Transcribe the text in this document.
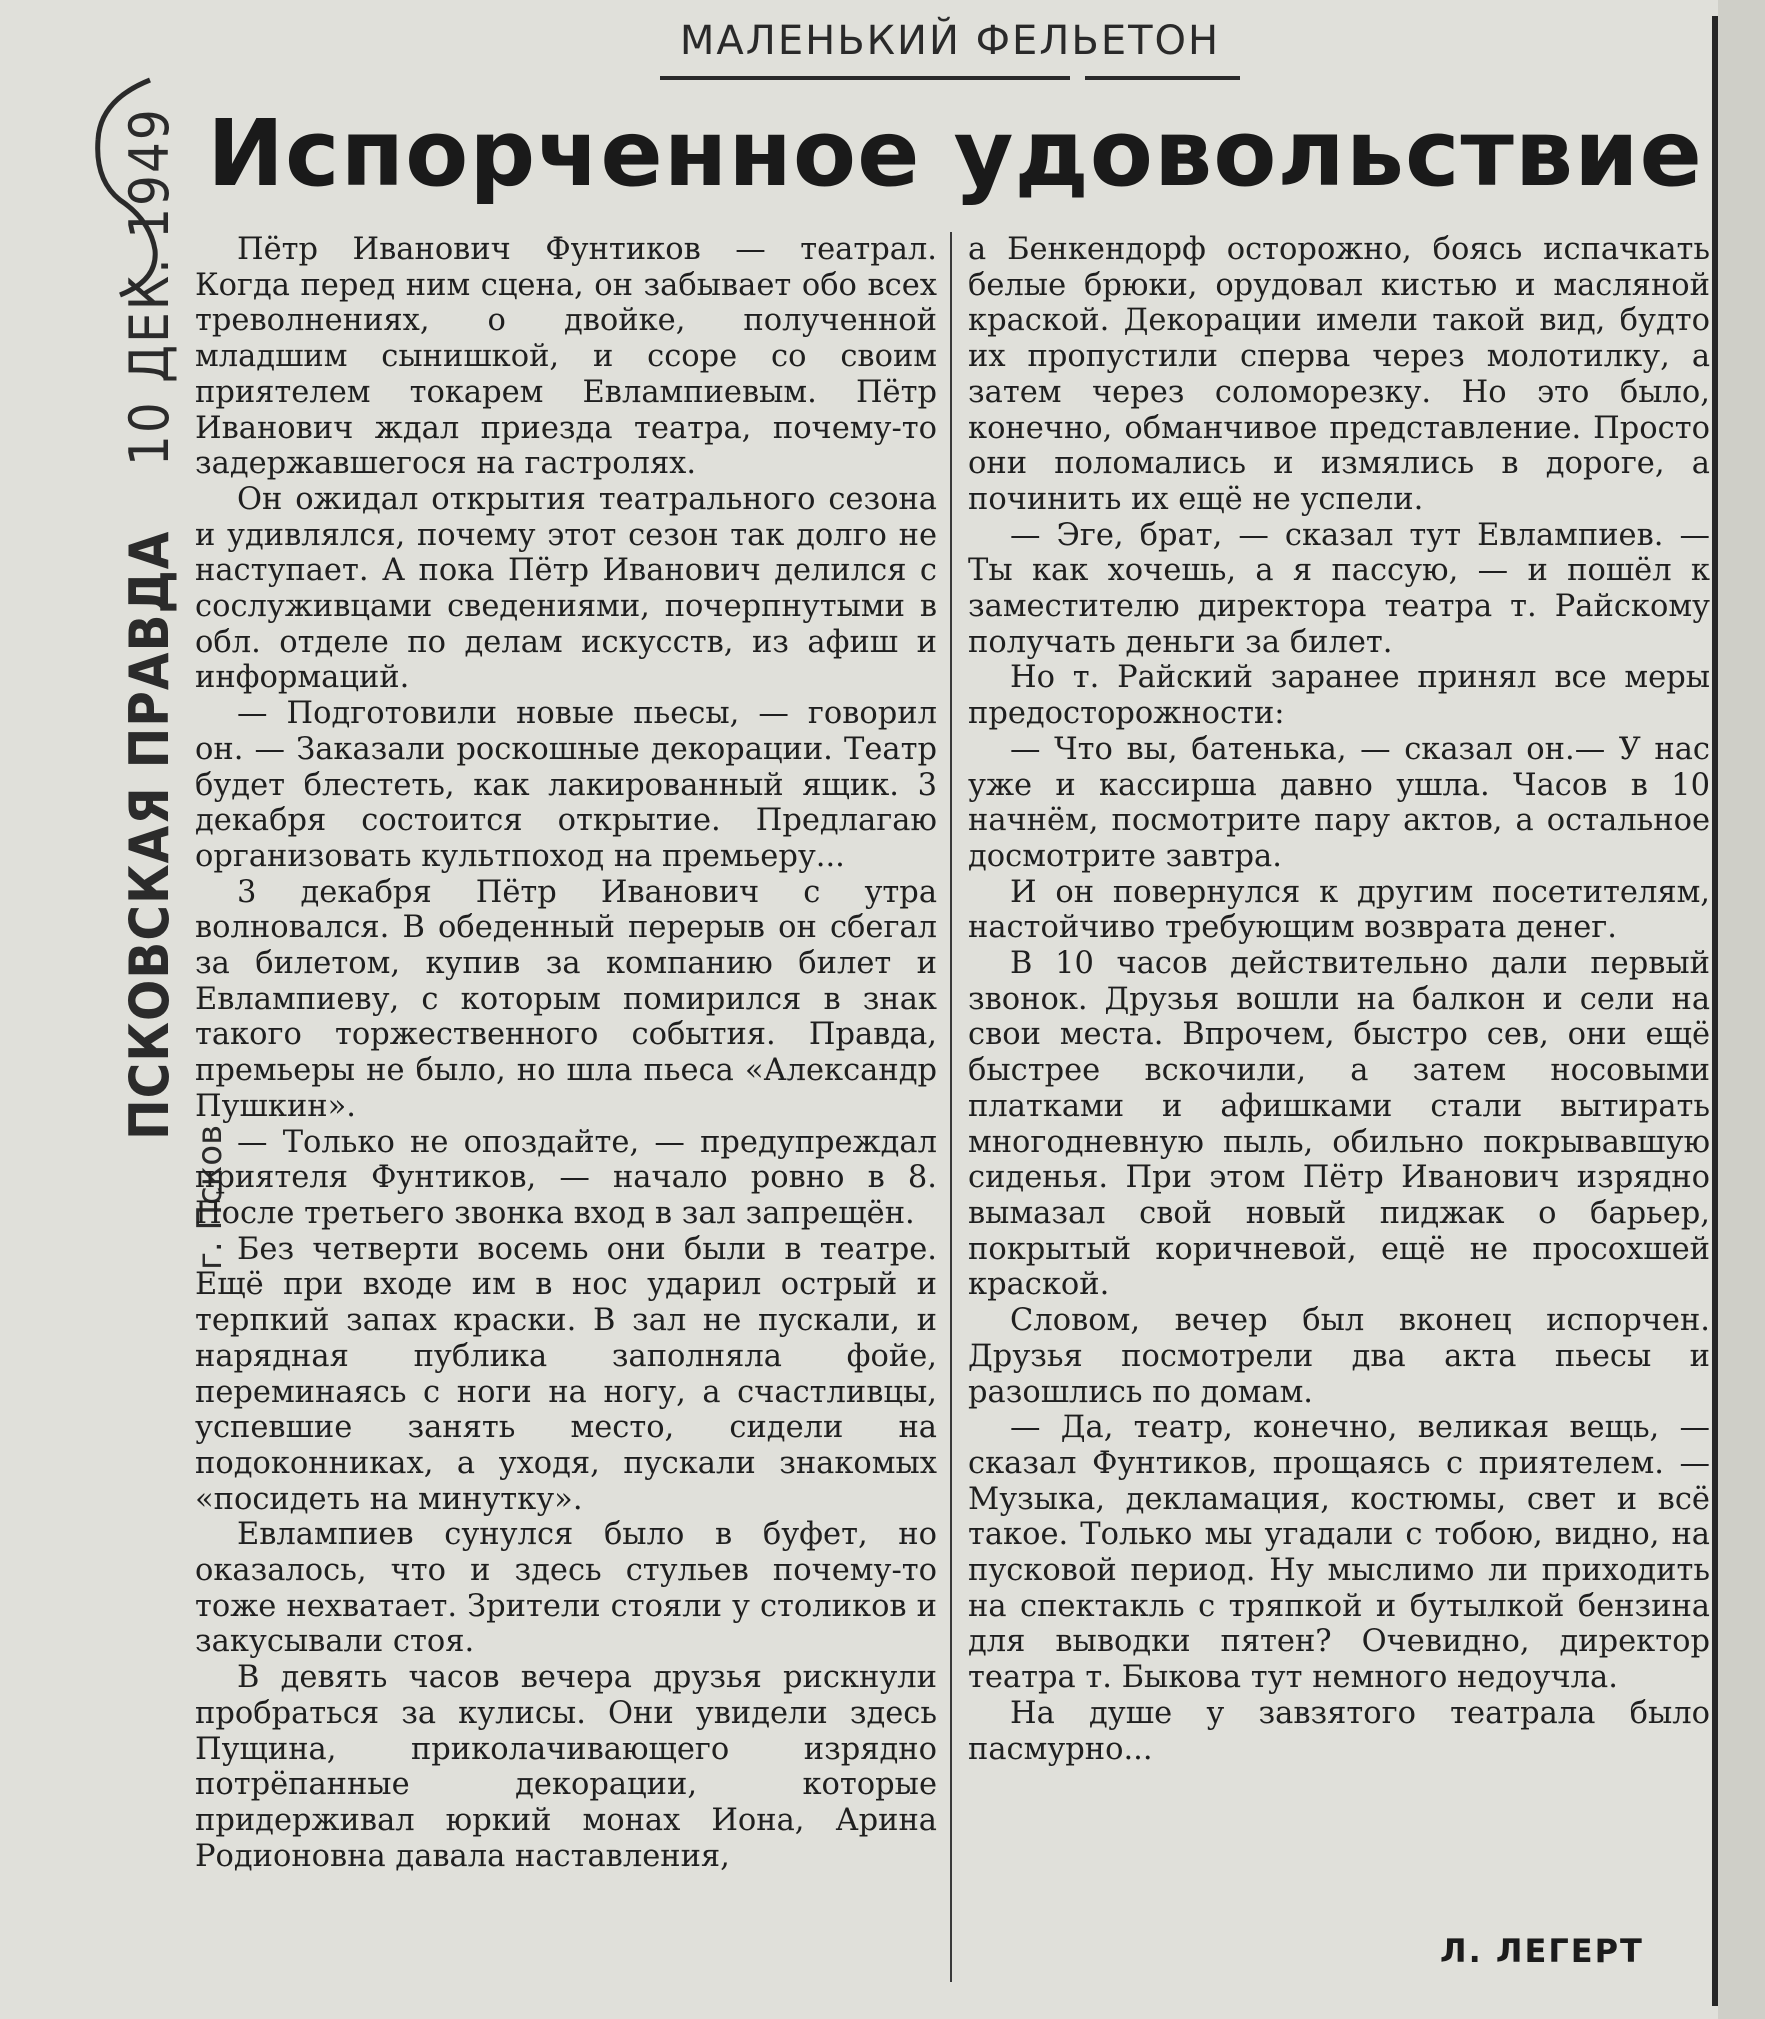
МАЛЕНЬКИЙ ФЕЛЬЕТОН
Испорченное удовольствие
ПСКОВСКАЯ ПРАВДА 10 ДЕК. 1949
г. Псков

Пётр Иванович Фунтиков — театрал. Когда перед ним сцена, он забывает обо всех треволнениях, о двойке, полученной младшим сынишкой, и ссоре со своим приятелем токарем Евлампиевым. Пётр Иванович ждал приезда театра, почему-то задержавшегося на гастролях.

Он ожидал открытия театрального сезона и удивлялся, почему этот сезон так долго не наступает. А пока Пётр Иванович делился с сослуживцами сведениями, почерпнутыми в обл. отделе по делам искусств, из афиш и информаций.

— Подготовили новые пьесы, — говорил он. — Заказали роскошные декорации. Театр будет блестеть, как лакированный ящик. 3 декабря состоится открытие. Предлагаю организовать культпоход на премьеру...

3 декабря Пётр Иванович с утра волновался. В обеденный перерыв он сбегал за билетом, купив за компанию билет и Евлампиеву, с которым помирился в знак такого торжественного события. Правда, премьеры не было, но шла пьеса «Александр Пушкин».

— Только не опоздайте, — предупреждал приятеля Фунтиков, — начало ровно в 8. После третьего звонка вход в зал запрещён.

Без четверти восемь они были в театре. Ещё при входе им в нос ударил острый и терпкий запах краски. В зал не пускали, и нарядная публика заполняла фойе, переминаясь с ноги на ногу, а счастливцы, успевшие занять место, сидели на подоконниках, а уходя, пускали знакомых «посидеть на минутку».

Евлампиев сунулся было в буфет, но оказалось, что и здесь стульев почему-то тоже нехватает. Зрители стояли у столиков и закусывали стоя.

В девять часов вечера друзья рискнули пробраться за кулисы. Они увидели здесь Пущина, приколачивающего изрядно потрёпанные декорации, которые придерживал юркий монах Иона, Арина Родионовна давала наставления,

а Бенкендорф осторожно, боясь испачкать белые брюки, орудовал кистью и масляной краской. Декорации имели такой вид, будто их пропустили сперва через молотилку, а затем через соломорезку. Но это было, конечно, обманчивое представление. Просто они поломались и измялись в дороге, а починить их ещё не успели.

— Эге, брат, — сказал тут Евлампиев. — Ты как хочешь, а я пассую, — и пошёл к заместителю директора театра т. Райскому получать деньги за билет.

Но т. Райский заранее принял все меры предосторожности:

— Что вы, батенька, — сказал он.— У нас уже и кассирша давно ушла. Часов в 10 начнём, посмотрите пару актов, а остальное досмотрите завтра.

И он повернулся к другим посетителям, настойчиво требующим возврата денег.

В 10 часов действительно дали первый звонок. Друзья вошли на балкон и сели на свои места. Впрочем, быстро сев, они ещё быстрее вскочили, а затем носовыми платками и афишками стали вытирать многодневную пыль, обильно покрывавшую сиденья. При этом Пётр Иванович изрядно вымазал свой новый пиджак о барьер, покрытый коричневой, ещё не просохшей краской.

Словом, вечер был вконец испорчен. Друзья посмотрели два акта пьесы и разошлись по домам.

— Да, театр, конечно, великая вещь, — сказал Фунтиков, прощаясь с приятелем. — Музыка, декламация, костюмы, свет и всё такое. Только мы угадали с тобою, видно, на пусковой период. Ну мыслимо ли приходить на спектакль с тряпкой и бутылкой бензина для выводки пятен? Очевидно, директор театра т. Быкова тут немного недоучла.

На душе у завзятого театрала было пасмурно...

Л. ЛЕГЕРТ
